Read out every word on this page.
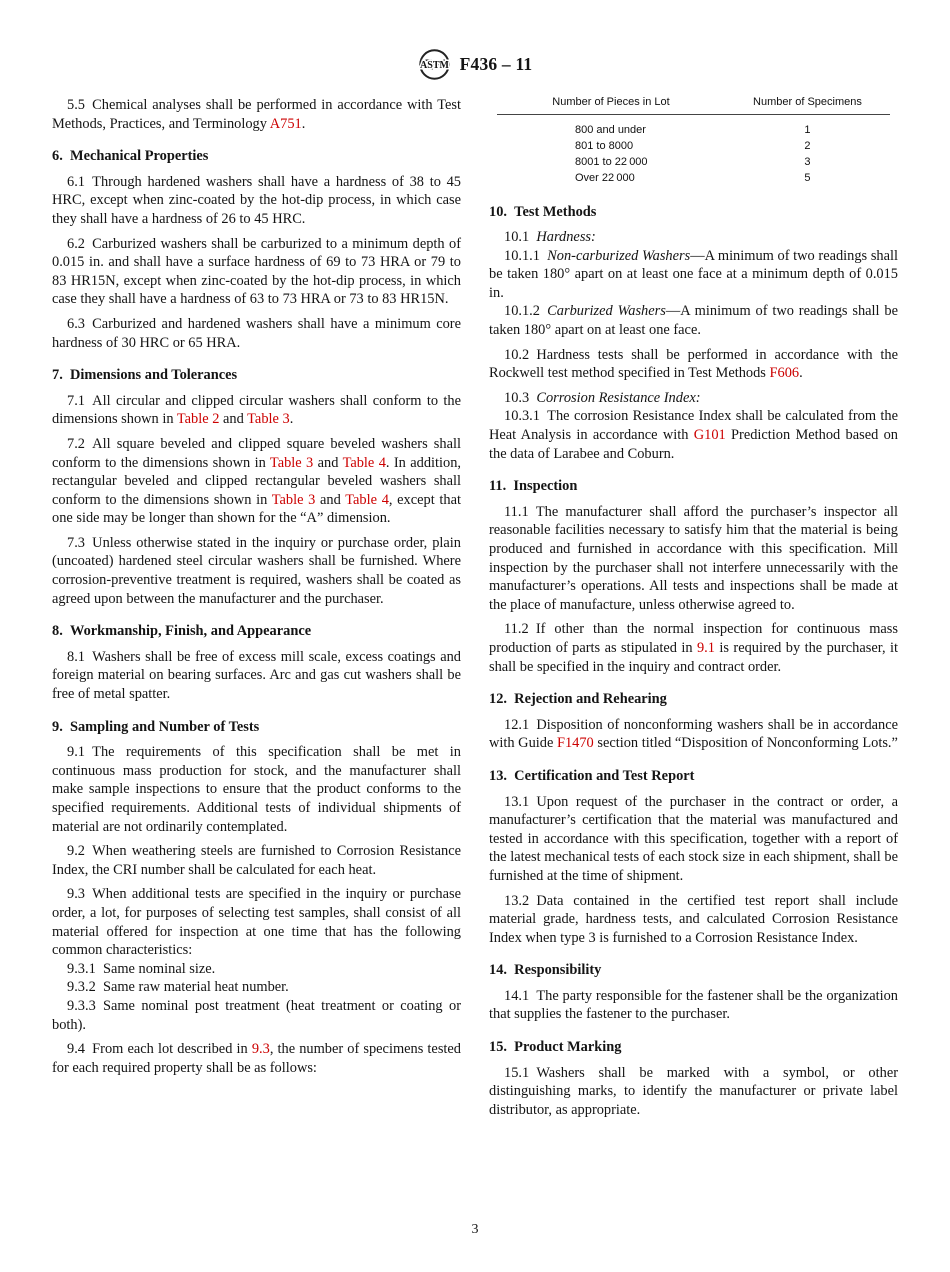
ASTM F436 – 11

5.5 Chemical analyses shall be performed in accordance with Test Methods, Practices, and Terminology A751.

6. Mechanical Properties

6.1 Through hardened washers shall have a hardness of 38 to 45 HRC, except when zinc-coated by the hot-dip process, in which case they shall have a hardness of 26 to 45 HRC.

6.2 Carburized washers shall be carburized to a minimum depth of 0.015 in. and shall have a surface hardness of 69 to 73 HRA or 79 to 83 HR15N, except when zinc-coated by the hot-dip process, in which case they shall have a hardness of 63 to 73 HRA or 73 to 83 HR15N.

6.3 Carburized and hardened washers shall have a minimum core hardness of 30 HRC or 65 HRA.

7. Dimensions and Tolerances

7.1 All circular and clipped circular washers shall conform to the dimensions shown in Table 2 and Table 3.

7.2 All square beveled and clipped square beveled washers shall conform to the dimensions shown in Table 3 and Table 4. In addition, rectangular beveled and clipped rectangular beveled washers shall conform to the dimensions shown in Table 3 and Table 4, except that one side may be longer than shown for the “A” dimension.

7.3 Unless otherwise stated in the inquiry or purchase order, plain (uncoated) hardened steel circular washers shall be furnished. Where corrosion-preventive treatment is required, washers shall be coated as agreed upon between the manufacturer and the purchaser.

8. Workmanship, Finish, and Appearance

8.1 Washers shall be free of excess mill scale, excess coatings and foreign material on bearing surfaces. Arc and gas cut washers shall be free of metal spatter.

9. Sampling and Number of Tests

9.1 The requirements of this specification shall be met in continuous mass production for stock, and the manufacturer shall make sample inspections to ensure that the product conforms to the specified requirements. Additional tests of individual shipments of material are not ordinarily contemplated.

9.2 When weathering steels are furnished to Corrosion Resistance Index, the CRI number shall be calculated for each heat.

9.3 When additional tests are specified in the inquiry or purchase order, a lot, for purposes of selecting test samples, shall consist of all material offered for inspection at one time that has the following common characteristics:

9.3.1 Same nominal size.

9.3.2 Same raw material heat number.

9.3.3 Same nominal post treatment (heat treatment or coating or both).

9.4 From each lot described in 9.3, the number of specimens tested for each required property shall be as follows:

Number of Pieces in Lot	Number of Specimens
800 and under	1
801 to 8000	2
8001 to 22 000	3
Over 22 000	5
10. Test Methods

10.1 Hardness:

10.1.1 Non-carburized Washers—A minimum of two readings shall be taken 180° apart on at least one face at a minimum depth of 0.015 in.

10.1.2 Carburized Washers—A minimum of two readings shall be taken 180° apart on at least one face.

10.2 Hardness tests shall be performed in accordance with the Rockwell test method specified in Test Methods F606.

10.3 Corrosion Resistance Index:

10.3.1 The corrosion Resistance Index shall be calculated from the Heat Analysis in accordance with G101 Prediction Method based on the data of Larabee and Coburn.

11. Inspection

11.1 The manufacturer shall afford the purchaser’s inspector all reasonable facilities necessary to satisfy him that the material is being produced and furnished in accordance with this specification. Mill inspection by the purchaser shall not interfere unnecessarily with the manufacturer’s operations. All tests and inspections shall be made at the place of manufacture, unless otherwise agreed to.

11.2 If other than the normal inspection for continuous mass production of parts as stipulated in 9.1 is required by the purchaser, it shall be specified in the inquiry and contract order.

12. Rejection and Rehearing

12.1 Disposition of nonconforming washers shall be in accordance with Guide F1470 section titled “Disposition of Nonconforming Lots.”

13. Certification and Test Report

13.1 Upon request of the purchaser in the contract or order, a manufacturer’s certification that the material was manufactured and tested in accordance with this specification, together with a report of the latest mechanical tests of each stock size in each shipment, shall be furnished at the time of shipment.

13.2 Data contained in the certified test report shall include material grade, hardness tests, and calculated Corrosion Resistance Index when type 3 is furnished to a Corrosion Resistance Index.

14. Responsibility

14.1 The party responsible for the fastener shall be the organization that supplies the fastener to the purchaser.

15. Product Marking

15.1 Washers shall be marked with a symbol, or other distinguishing marks, to identify the manufacturer or private label distributor, as appropriate.

3
